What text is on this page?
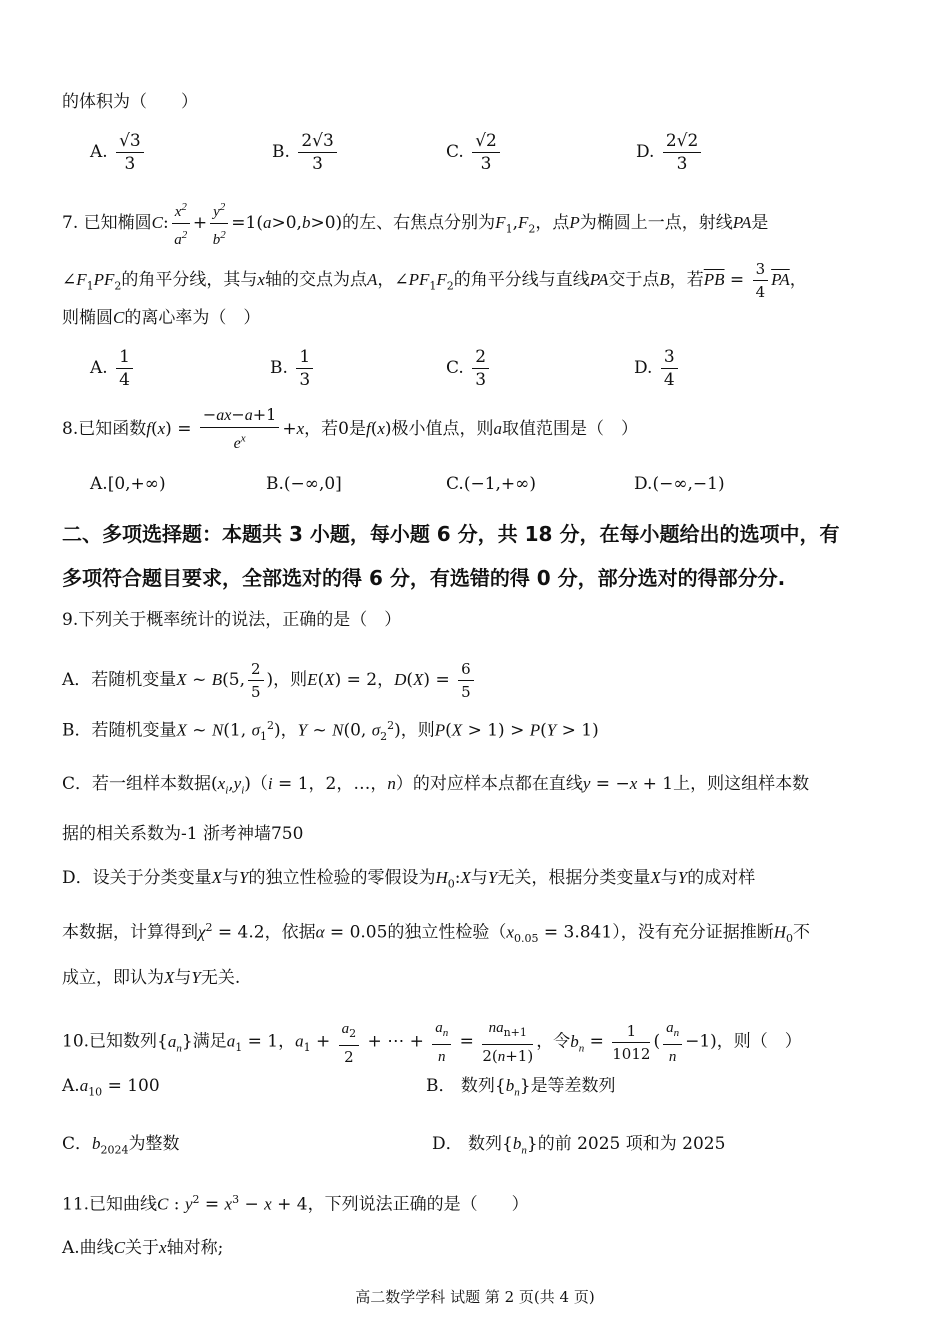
的体积为（　　）
A. $\frac{√3}{3}$	B. $\frac{2√3}{3}$	C. $\frac{√2}{3}$	D. $\frac{2√2}{3}$
7. 已知椭圆C: $\frac{x^2}{a^2} + \frac{y^2}{b^2} =1(a>0,b>0)$的左、右焦点分别为$F_1,F_2$，点P为椭圆上一点，射线PA是
$\angle F_1PF_2$的角平分线，其与x轴的交点为点A，$\angle PF_1F_2$的角平分线与直线PA交于点B，若$\overline{PB} = \frac{3}{4} \overline{PA}$，
则椭圆C的离心率为（　）
A. $\frac{1}{4}$	B. $\frac{1}{3}$	C. $\frac{2}{3}$	D. $\frac{3}{4}$
8.已知函数$f(x) = \frac{-ax-a+1}{e^x} +x$，若0是f(x)极小值点，则a取值范围是（　）
A.[0,+∞)	B.(−∞,0]	C.(−1,+∞)	D.(−∞,−1)
二、多项选择题：本题共 3 小题，每小题 6 分，共 18 分，在每小题给出的选项中，有
多项符合题目要求，全部选对的得 6 分，有选错的得 0 分，部分选对的得部分分.
9.下列关于概率统计的说法，正确的是（　）
A．若随机变量X ~ B(5, $\frac{2}{5}$ )，则E(X) = 2，$D(X) = \frac{6}{5}$
B．若随机变量X ~ N(1, $\sigma_1^2$)，Y ~ N(0, $\sigma_2^2$)，则P(X > 1) > P(Y > 1)
C．若一组样本数据$(x_i,y_i)(i = 1$，2，…，n）的对应样本点都在直线y = −x + 1上，则这组样本数
据的相关系数为-1 浙考神墙750
D．设关于分类变量X与Y的独立性检验的零假设为$H_0:X$与Y无关，根据分类变量X与Y的成对样
本数据，计算得到$\chi^2 = 4.2$，依据α = 0.05的独立性检验$(x_{0.05} = 3.841)$，没有充分证据推断$H_0$不
成立，即认为X与Y无关.
10.已知数列$\{a_n\}$满足$a_1 = 1$，$a_1 + \frac{a_2}{2}$ + ⋯ + $\frac{a_n}{n} = \frac{na_{n+1}}{2(n+1)}$ ，令$b_n = \frac{1}{1012}$ ( $\frac{a_n}{n} -1$)，则（　）
$A.a_{10} = 100$	B． 数列$\{b_n\}$是等差数列
C．$b_{2024}$为整数	D． 数列$\{b_n\}$的前 2025 项和为 2025
11.已知曲线C : $y^2 = x^3 - x + 4$，下列说法正确的是（　　）
A.曲线C关于x轴对称;
高二数学学科 试题 第 2 页(共 4 页)
